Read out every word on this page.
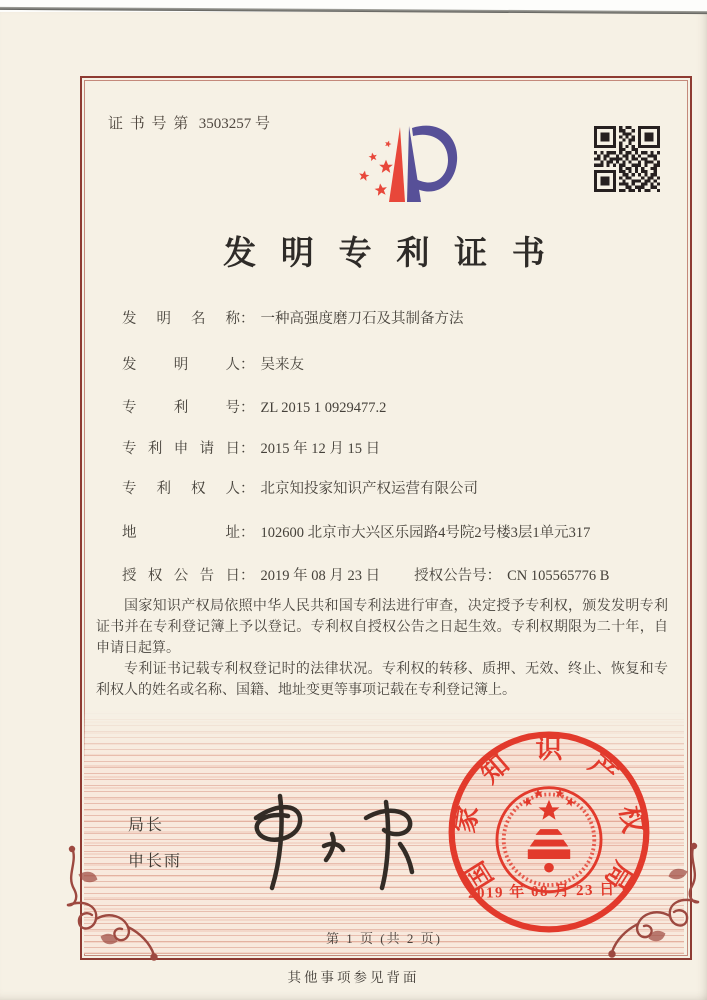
证书号第 3503257 号
发明专利证书
发明名称： 一种高强度磨刀石及其制备方法
发明人： 吴来友
专利号： ZL 2015 1 0929477.2
专利申请日： 2015 年 12 月 15 日
专利权人： 北京知投家知识产权运营有限公司
地址： 102600 北京市大兴区乐园路4号院2号楼3层1单元317
授权公告日： 2019 年 08 月 23 日 授权公告号： CN 105565776 B

国家知识产权局依照中华人民共和国专利法进行审查，决定授予专利权，颁发发明专利证书并在专利登记簿上予以登记。专利权自授权公告之日起生效。专利权期限为二十年，自申请日起算。

专利证书记载专利权登记时的法律状况。专利权的转移、质押、无效、终止、恢复和专利权人的姓名或名称、国籍、地址变更等事项记载在专利登记簿上。

局长
申长雨	国
家
知 识 产
权
局
2019 年 08 月 23 日
第 1 页 (共 2 页)
其他事项参见背面
